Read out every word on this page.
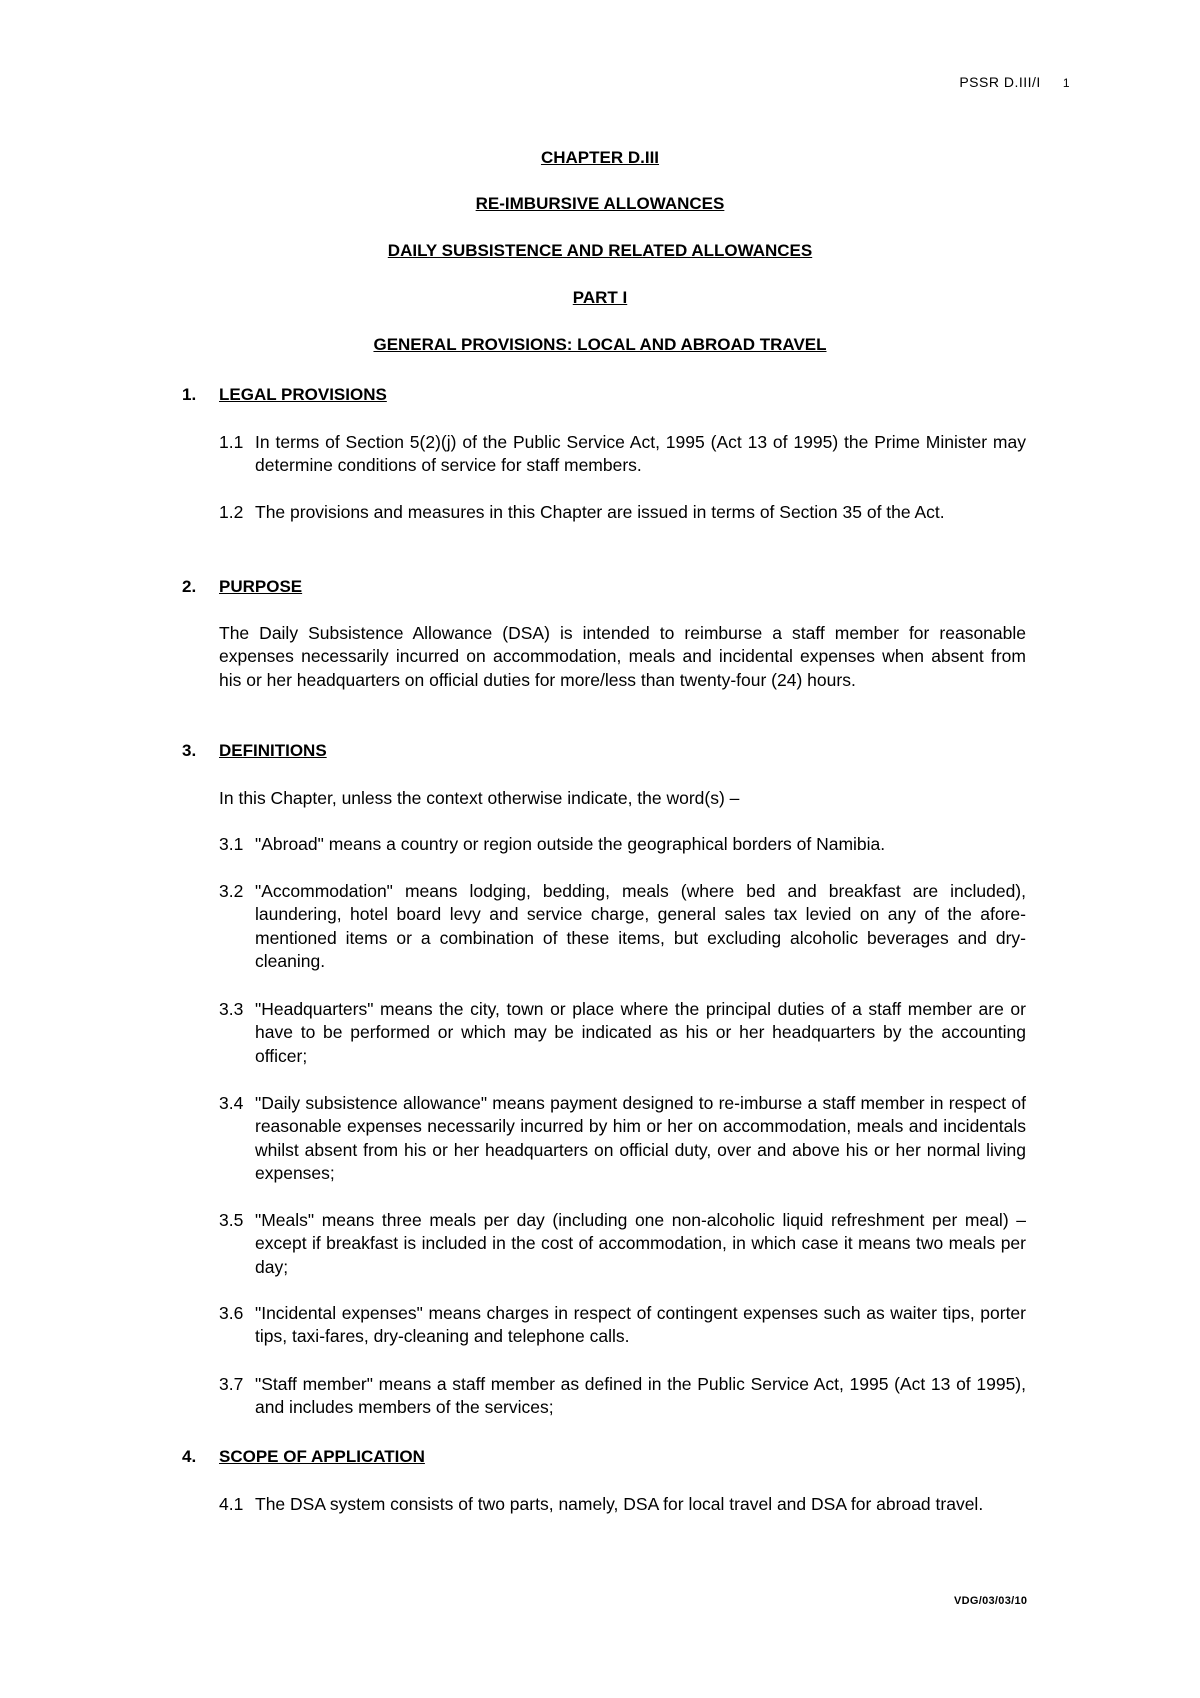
PSSR D.III/I 1
CHAPTER D.III
RE-IMBURSIVE ALLOWANCES
DAILY SUBSISTENCE AND RELATED ALLOWANCES
PART I
GENERAL PROVISIONS: LOCAL AND ABROAD TRAVEL
1. LEGAL PROVISIONS
1.1 In terms of Section 5(2)(j) of the Public Service Act, 1995 (Act 13 of 1995) the Prime Minister may determine conditions of service for staff members.
1.2 The provisions and measures in this Chapter are issued in terms of Section 35 of the Act.
2. PURPOSE
The Daily Subsistence Allowance (DSA) is intended to reimburse a staff member for reasonable expenses necessarily incurred on accommodation, meals and incidental expenses when absent from his or her headquarters on official duties for more/less than twenty-four (24) hours.
3. DEFINITIONS
In this Chapter, unless the context otherwise indicate, the word(s) –
3.1 "Abroad" means a country or region outside the geographical borders of Namibia.
3.2 "Accommodation" means lodging, bedding, meals (where bed and breakfast are included), laundering, hotel board levy and service charge, general sales tax levied on any of the afore-mentioned items or a combination of these items, but excluding alcoholic beverages and dry-cleaning.
3.3 "Headquarters" means the city, town or place where the principal duties of a staff member are or have to be performed or which may be indicated as his or her headquarters by the accounting officer;
3.4 "Daily subsistence allowance" means payment designed to re-imburse a staff member in respect of reasonable expenses necessarily incurred by him or her on accommodation, meals and incidentals whilst absent from his or her headquarters on official duty, over and above his or her normal living expenses;
3.5 "Meals" means three meals per day (including one non-alcoholic liquid refreshment per meal) – except if breakfast is included in the cost of accommodation, in which case it means two meals per day;
3.6 "Incidental expenses" means charges in respect of contingent expenses such as waiter tips, porter tips, taxi-fares, dry-cleaning and telephone calls.
3.7 "Staff member" means a staff member as defined in the Public Service Act, 1995 (Act 13 of 1995), and includes members of the services;
4. SCOPE OF APPLICATION
4.1 The DSA system consists of two parts, namely, DSA for local travel and DSA for abroad travel.
VDG/03/03/10
